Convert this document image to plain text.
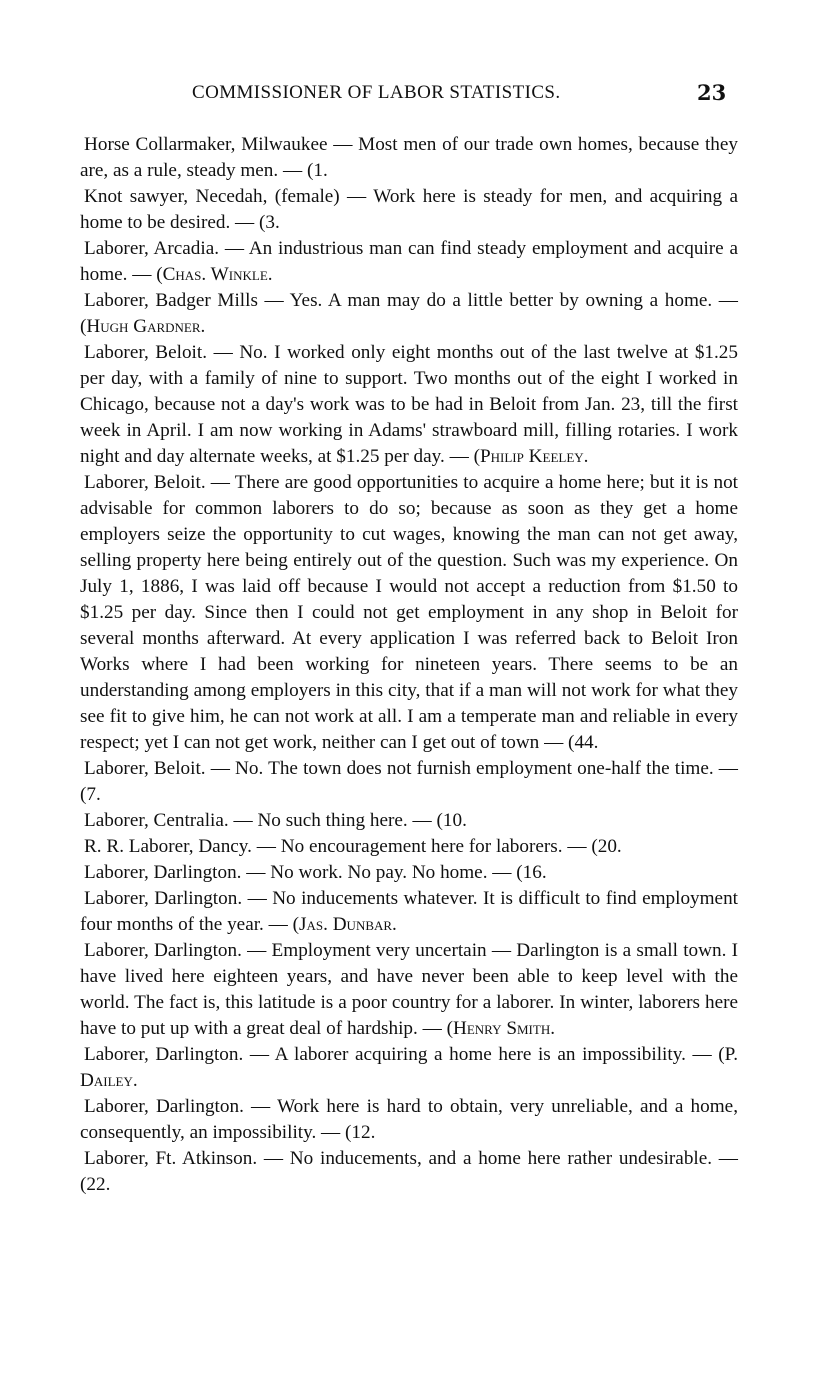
COMMISSIONER OF LABOR STATISTICS.	23

Horse Collarmaker, Milwaukee — Most men of our trade own homes, because they are, as a rule, steady men. — (1.

Knot sawyer, Necedah, (female) — Work here is steady for men, and acquiring a home to be desired. — (3.

Laborer, Arcadia. — An industrious man can find steady employment and acquire a home. — (Chas. Winkle.

Laborer, Badger Mills — Yes. A man may do a little better by owning a home. — (Hugh Gardner.

Laborer, Beloit. — No. I worked only eight months out of the last twelve at $1.25 per day, with a family of nine to support. Two months out of the eight I worked in Chicago, because not a day's work was to be had in Beloit from Jan. 23, till the first week in April. I am now working in Adams' strawboard mill, filling rotaries. I work night and day alternate weeks, at $1.25 per day. — (Philip Keeley.

Laborer, Beloit. — There are good opportunities to acquire a home here; but it is not advisable for common laborers to do so; because as soon as they get a home employers seize the opportunity to cut wages, knowing the man can not get away, selling property here being entirely out of the question. Such was my experience. On July 1, 1886, I was laid off because I would not accept a reduction from $1.50 to $1.25 per day. Since then I could not get employment in any shop in Beloit for several months afterward. At every application I was referred back to Beloit Iron Works where I had been working for nineteen years. There seems to be an understanding among employers in this city, that if a man will not work for what they see fit to give him, he can not work at all. I am a temperate man and reliable in every respect; yet I can not get work, neither can I get out of town — (44.

Laborer, Beloit. — No. The town does not furnish employment one-half the time. — (7.

Laborer, Centralia. — No such thing here. — (10.

R. R. Laborer, Dancy. — No encouragement here for laborers. — (20.

Laborer, Darlington. — No work. No pay. No home. — (16.

Laborer, Darlington. — No inducements whatever. It is difficult to find employment four months of the year. — (Jas. Dunbar.

Laborer, Darlington. — Employment very uncertain — Darlington is a small town. I have lived here eighteen years, and have never been able to keep level with the world. The fact is, this latitude is a poor country for a laborer. In winter, laborers here have to put up with a great deal of hardship. — (Henry Smith.

Laborer, Darlington. — A laborer acquiring a home here is an impossibility. — (P. Dailey.

Laborer, Darlington. — Work here is hard to obtain, very unreliable, and a home, consequently, an impossibility. — (12.

Laborer, Ft. Atkinson. — No inducements, and a home here rather undesirable. — (22.
